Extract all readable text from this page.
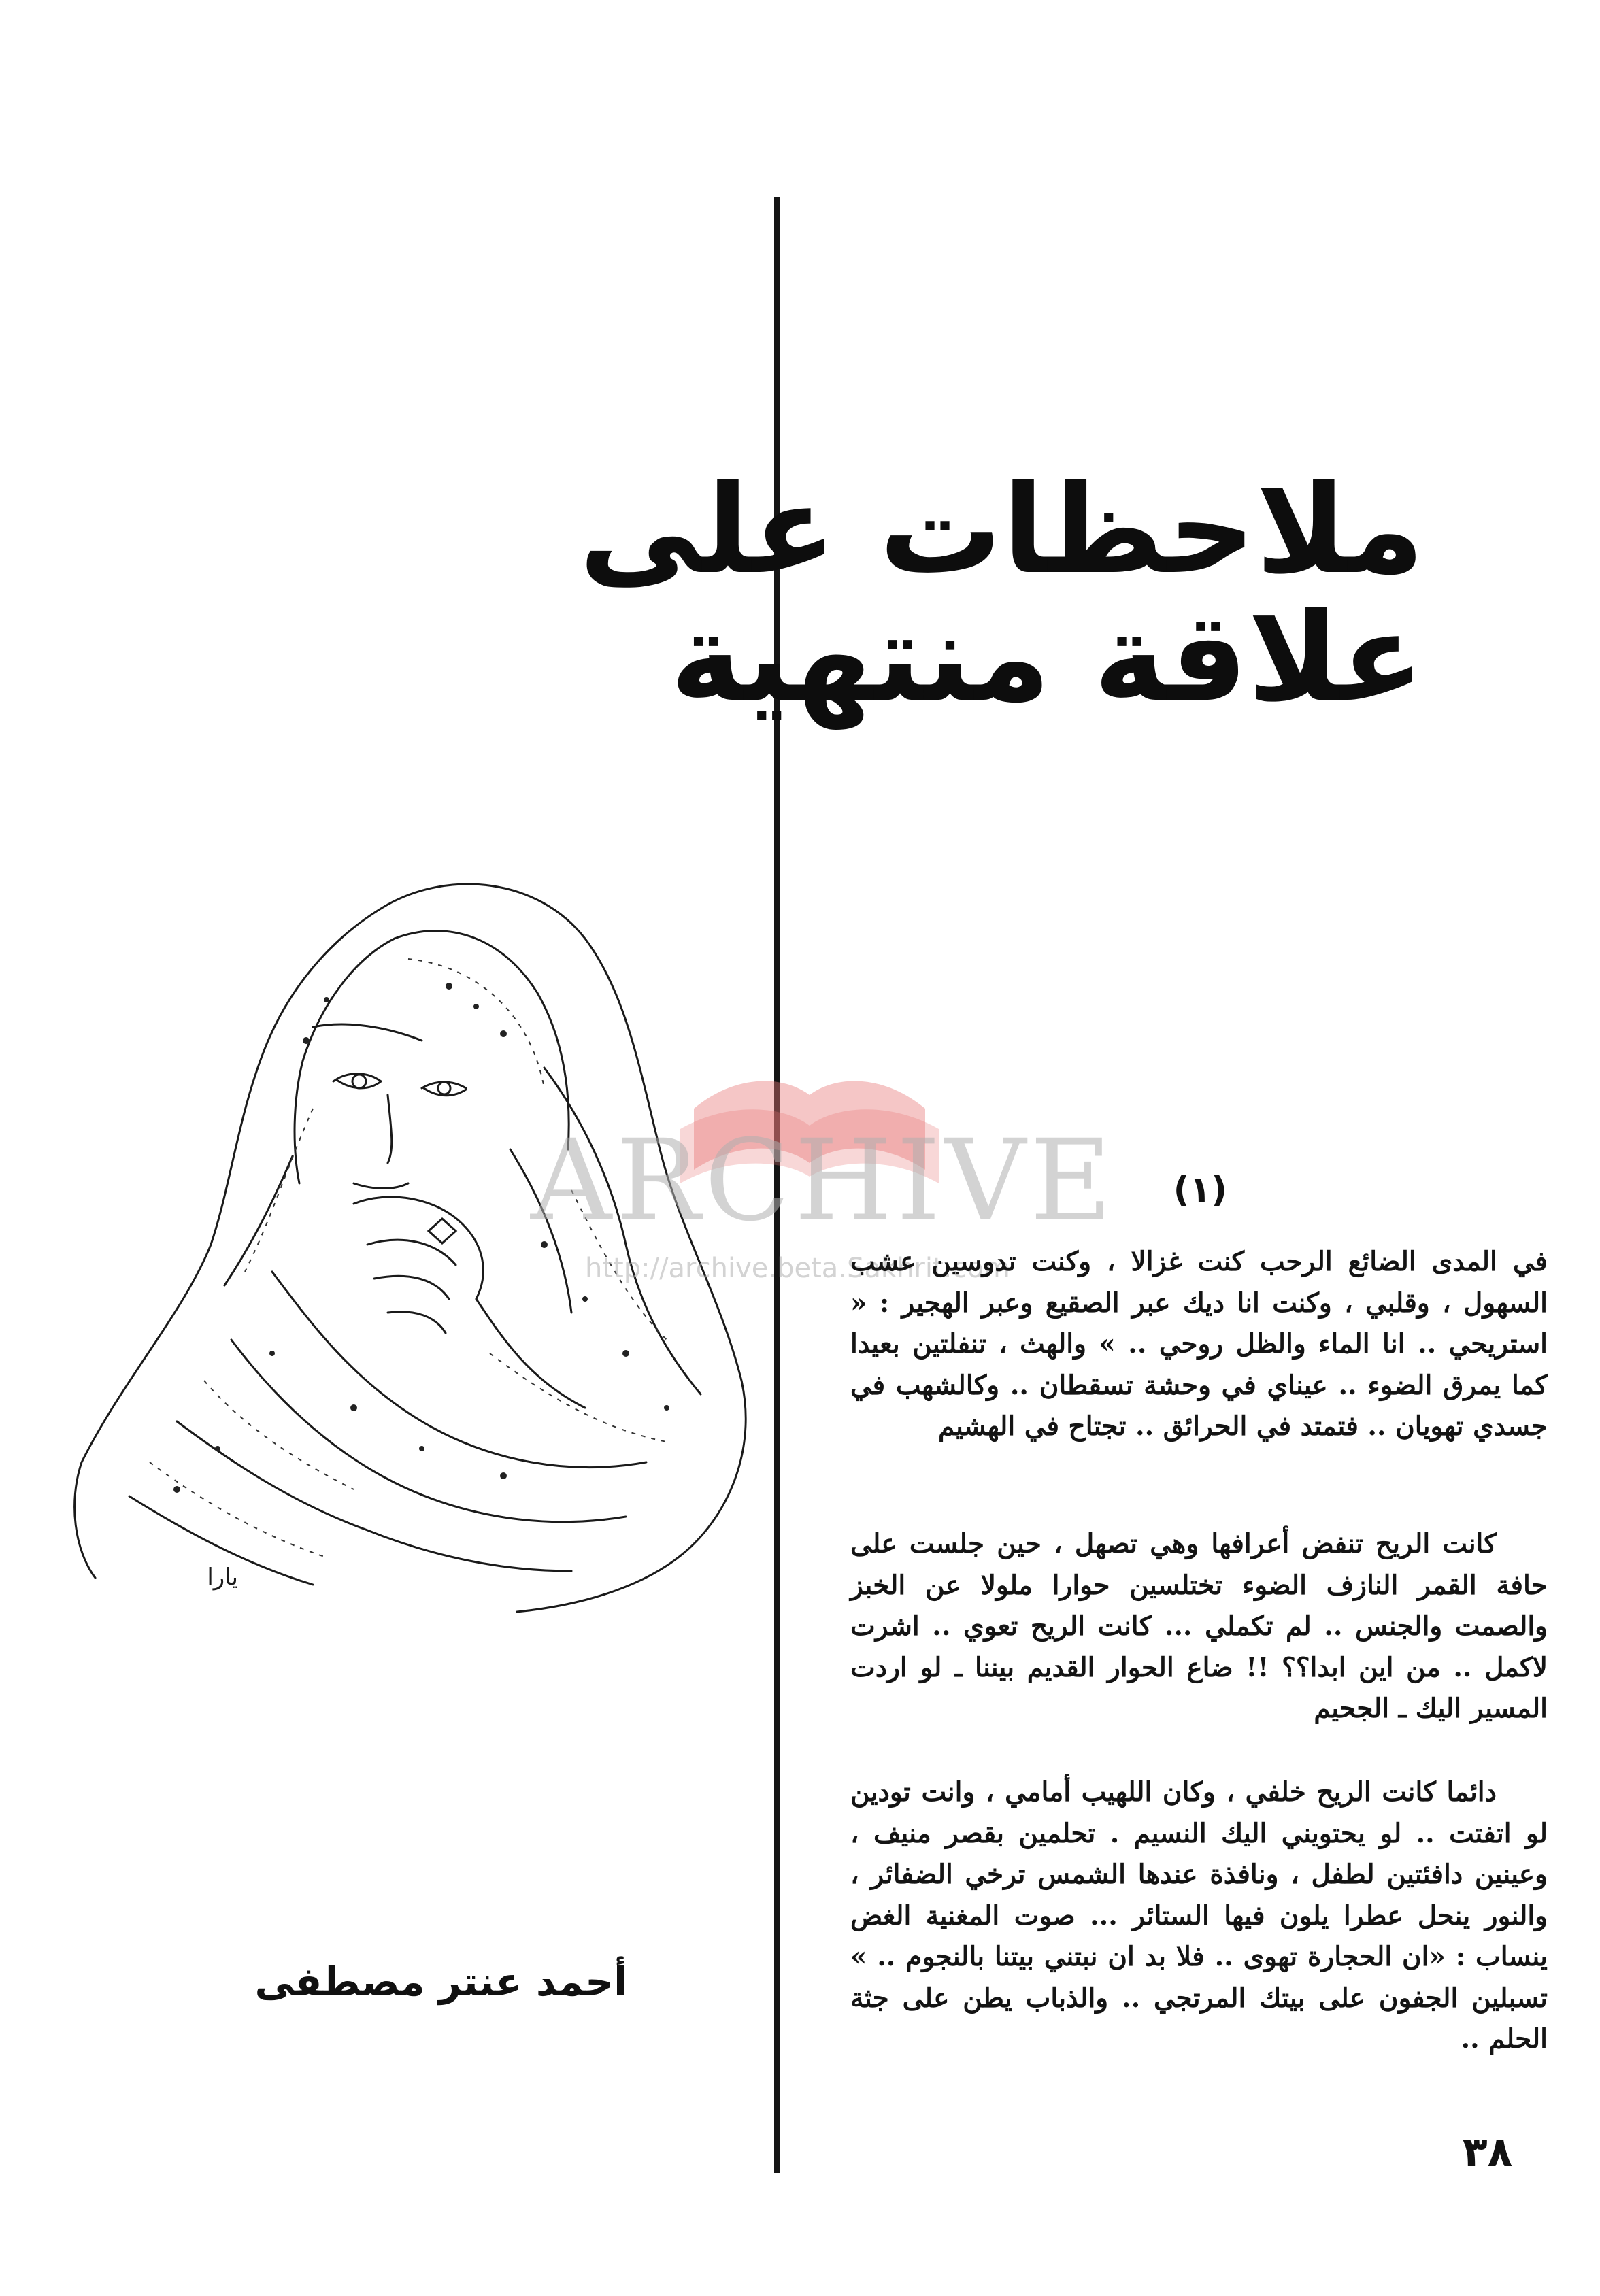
ملاحظات على
علاقة منتهية
يارا
ARCHIVE
http://archive.beta.Sakhrit.com
(١)

في المدى الضائع الرحب كنت غزالا ، وكنت تدوسين عشب السهول ، وقلبي ، وكنت انا ديك عبر الصقيع وعبر الهجير : « استريحي .. انا الماء والظل روحي .. » والهث ، تنفلتين بعيدا كما يمرق الضوء .. عيناي في وحشة تسقطان .. وكالشهب في جسدي تهويان .. فتمتد في الحرائق .. تجتاح في الهشيم

كانت الريح تنفض أعرافها وهي تصهل ، حين جلست على حافة القمر النازف الضوء تختلسين حوارا ملولا عن الخبز والصمت والجنس .. لم تكملي ... كانت الريح تعوي .. اشرت لاكمل .. من اين ابدا؟؟ !! ضاع الحوار القديم بيننا ـ لو اردت المسير اليك ـ الجحيم

دائما كانت الريح خلفي ، وكان اللهيب أمامي ، وانت تودين لو اتفتت .. لو يحتويني اليك النسيم . تحلمين بقصر منيف ، وعينين دافئتين لطفل ، ونافذة عندها الشمس ترخي الضفائر ، والنور ينحل عطرا يلون فيها الستائر ... صوت المغنية الغض ينساب : «ان الحجارة تهوى .. فلا بد ان نبتني بيتنا بالنجوم .. » تسبلين الجفون على بيتك المرتجي .. والذباب يطن على جثة الحلم ..

أحمد عنتر مصطفى
٣٨
